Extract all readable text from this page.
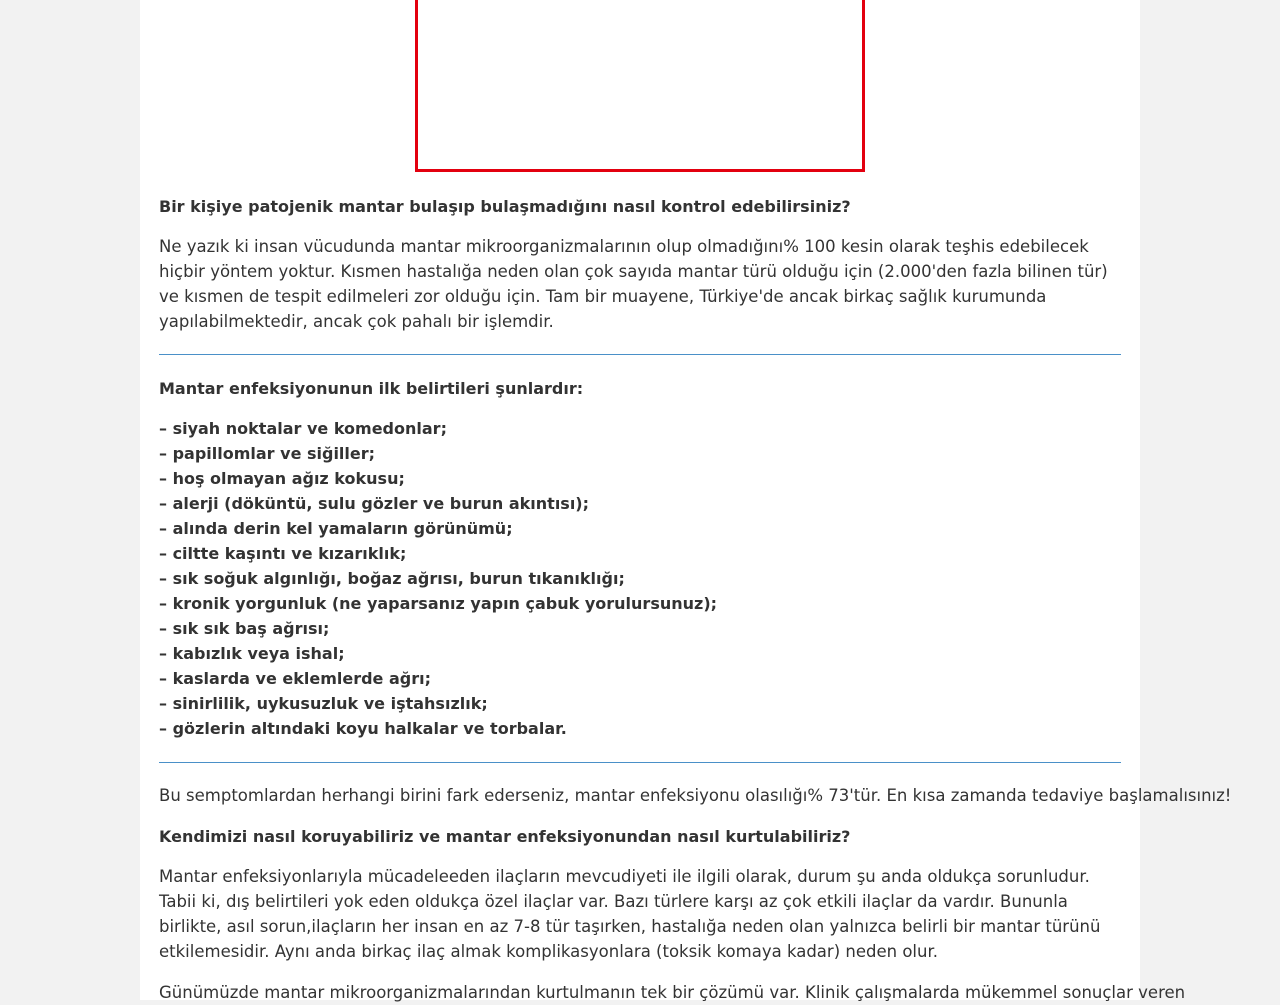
Bir kişiye patojenik mantar bulaşıp bulaşmadığını nasıl kontrol edebilirsiniz?
Ne yazık ki insan vücudunda mantar mikroorganizmalarının olup olmadığını% 100 kesin olarak teşhis edebilecek hiçbir yöntem yoktur. Kısmen hastalığa neden olan çok sayıda mantar türü olduğu için (2.000'den fazla bilinen tür) ve kısmen de tespit edilmeleri zor olduğu için. Tam bir muayene, Türkiye'de ancak birkaç sağlık kurumunda yapılabilmektedir, ancak çok pahalı bir işlemdir.
Mantar enfeksiyonunun ilk belirtileri şunlardır:
– siyah noktalar ve komedonlar;
– papillomlar ve siğiller;
– hoş olmayan ağız kokusu;
– alerji (döküntü, sulu gözler ve burun akıntısı);
– alında derin kel yamaların görünümü;
– ciltte kaşıntı ve kızarıklık;
– sık soğuk algınlığı, boğaz ağrısı, burun tıkanıklığı;
– kronik yorgunluk (ne yaparsanız yapın çabuk yorulursunuz);
– sık sık baş ağrısı;
– kabızlık veya ishal;
– kaslarda ve eklemlerde ağrı;
– sinirlilik, uykusuzluk ve iştahsızlık;
– gözlerin altındaki koyu halkalar ve torbalar.
Bu semptomlardan herhangi birini fark ederseniz, mantar enfeksiyonu olasılığı% 73'tür. En kısa zamanda tedaviye başlamalısınız!
Kendimizi nasıl koruyabiliriz ve mantar enfeksiyonundan nasıl kurtulabiliriz?
Mantar enfeksiyonlarıyla mücadeleeden ilaçların mevcudiyeti ile ilgili olarak, durum şu anda oldukça sorunludur. Tabii ki, dış belirtileri yok eden oldukça özel ilaçlar var. Bazı türlere karşı az çok etkili ilaçlar da vardır. Bununla birlikte, asıl sorun,ilaçların her insan en az 7-8 tür taşırken, hastalığa neden olan yalnızca belirli bir mantar türünü etkilemesidir. Aynı anda birkaç ilaç almak komplikasyonlara (toksik komaya kadar) neden olur.
Günümüzde mantar mikroorganizmalarından kurtulmanın tek bir çözümü var. Klinik çalışmalarda mükemmel sonuçlar veren
